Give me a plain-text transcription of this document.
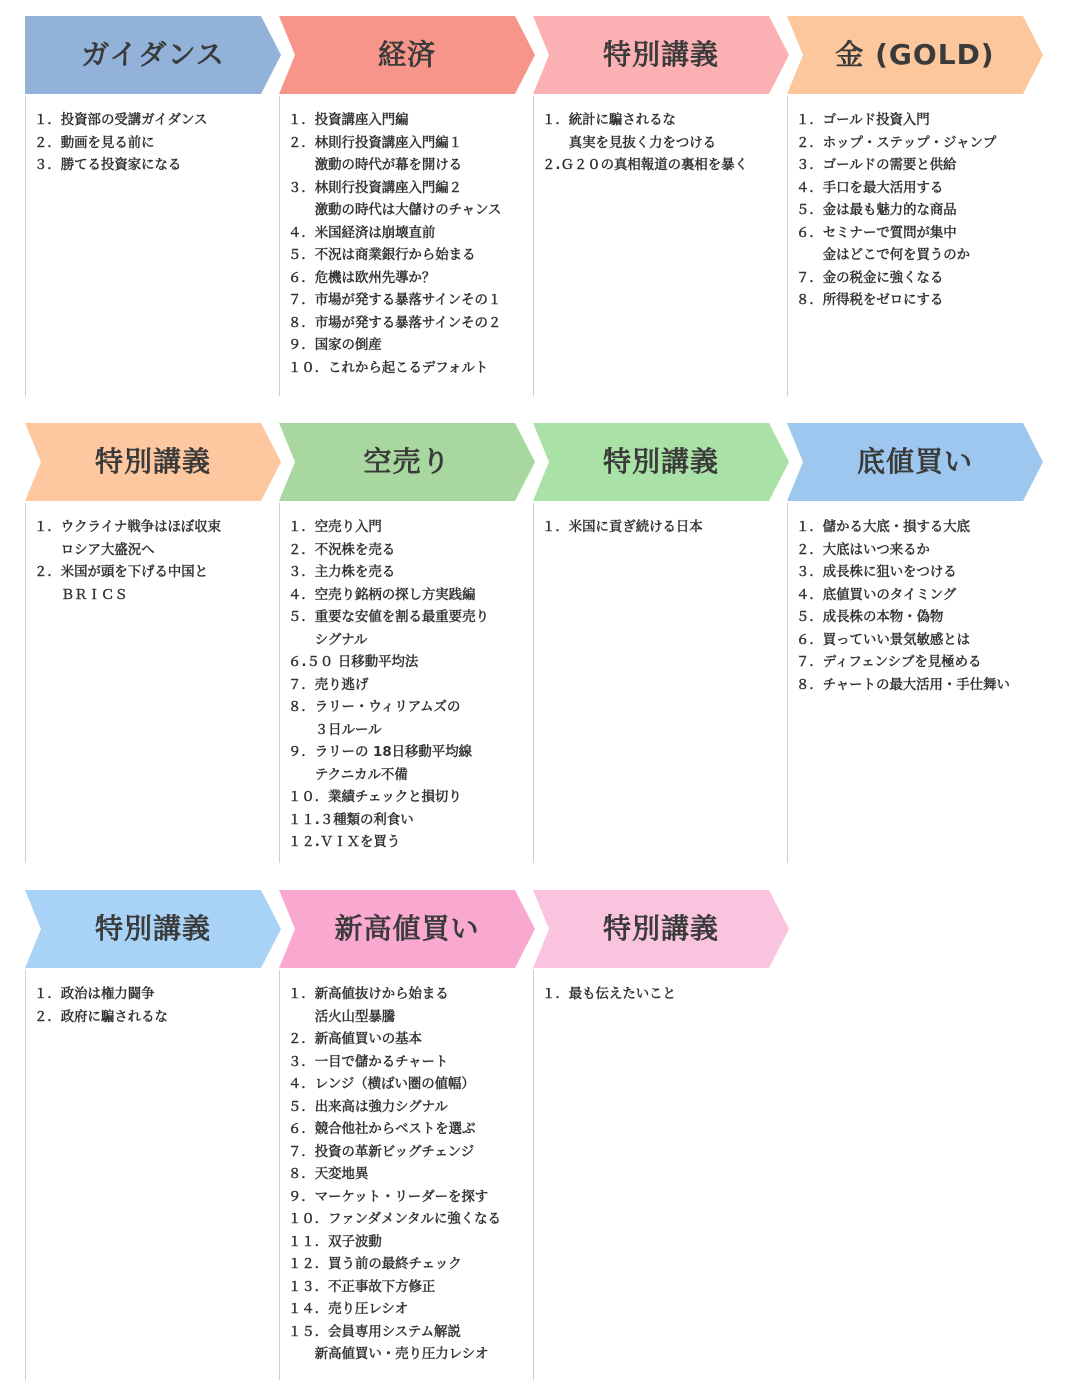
ガイダンス	経済	特別講義	金 (GOLD)
１．投資部の受講ガイダンス
２．動画を見る前に
３．勝てる投資家になる
１．投資講座入門編
２．林則行投資講座入門編１
　　激動の時代が幕を開ける
３．林則行投資講座入門編２
　　激動の時代は大儲けのチャンス
４．米国経済は崩壊直前
５．不況は商業銀行から始まる
６．危機は欧州先導か？
７．市場が発する暴落サインその１
８．市場が発する暴落サインその２
９．国家の倒産
１０．これから起こるデフォルト
１．統計に騙されるな
　　真実を見抜く力をつける
２.Ｇ２０の真相報道の裏相を暴く
１．ゴールド投資入門
２．ホップ・ステップ・ジャンプ
３．ゴールドの需要と供給
４．手口を最大活用する
５．金は最も魅力的な商品
６．セミナーで質問が集中
　　金はどこで何を買うのか
７．金の税金に強くなる
８．所得税をゼロにする
特別講義	空売り	特別講義	底値買い
１．ウクライナ戦争はほぼ収束
　　ロシア大盛況へ
２．米国が頭を下げる中国と
　　ＢＲＩＣＳ
１．空売り入門
２．不況株を売る
３．主力株を売る
４．空売り銘柄の探し方実践編
５．重要な安値を割る最重要売り
　　シグナル
６.５０ 日移動平均法
７．売り逃げ
８．ラリー・ウィリアムズの
　　３日ルール
９．ラリーの 18日移動平均線
　　テクニカル不備
１０．業績チェックと損切り
１１.３種類の利食い
１２.ＶＩＸを買う
１．米国に貢ぎ続ける日本	１．儲かる大底・損する大底
２．大底はいつ来るか
３．成長株に狙いをつける
４．底値買いのタイミング
５．成長株の本物・偽物
６．買っていい景気敏感とは
７．ディフェンシブを見極める
８．チャートの最大活用・手仕舞い
特別講義	新高値買い	特別講義
１．政治は権力闘争
２．政府に騙されるな
１．新高値抜けから始まる
　　活火山型暴騰
２．新高値買いの基本
３．一目で儲かるチャート
４．レンジ（横ばい圏の値幅）
５．出来高は強力シグナル
６．競合他社からベストを選ぶ
７．投資の革新ビッグチェンジ
８．天変地異
９．マーケット・リーダーを探す
１０．ファンダメンタルに強くなる
１１．双子波動
１２．買う前の最終チェック
１３．不正事故下方修正
１４．売り圧レシオ
１５．会員専用システム解説
　　新高値買い・売り圧力レシオ
１．最も伝えたいこと
